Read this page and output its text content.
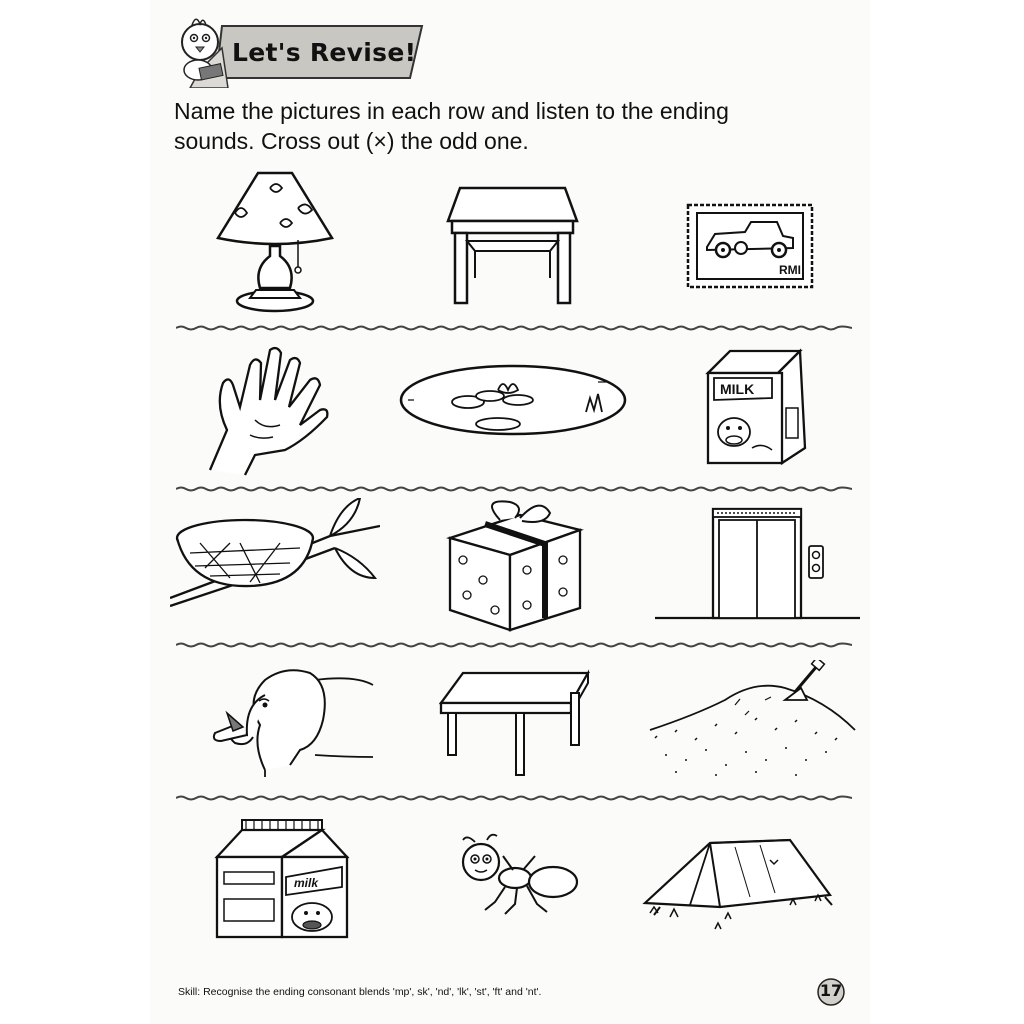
Let's Revise!
Name the pictures in each row and listen to the ending
sounds. Cross out (×) the odd one.
RMI
MILK
milk
Skill: Recognise the ending consonant blends 'mp', sk', 'nd', 'lk', 'st', 'ft' and 'nt'.	17
